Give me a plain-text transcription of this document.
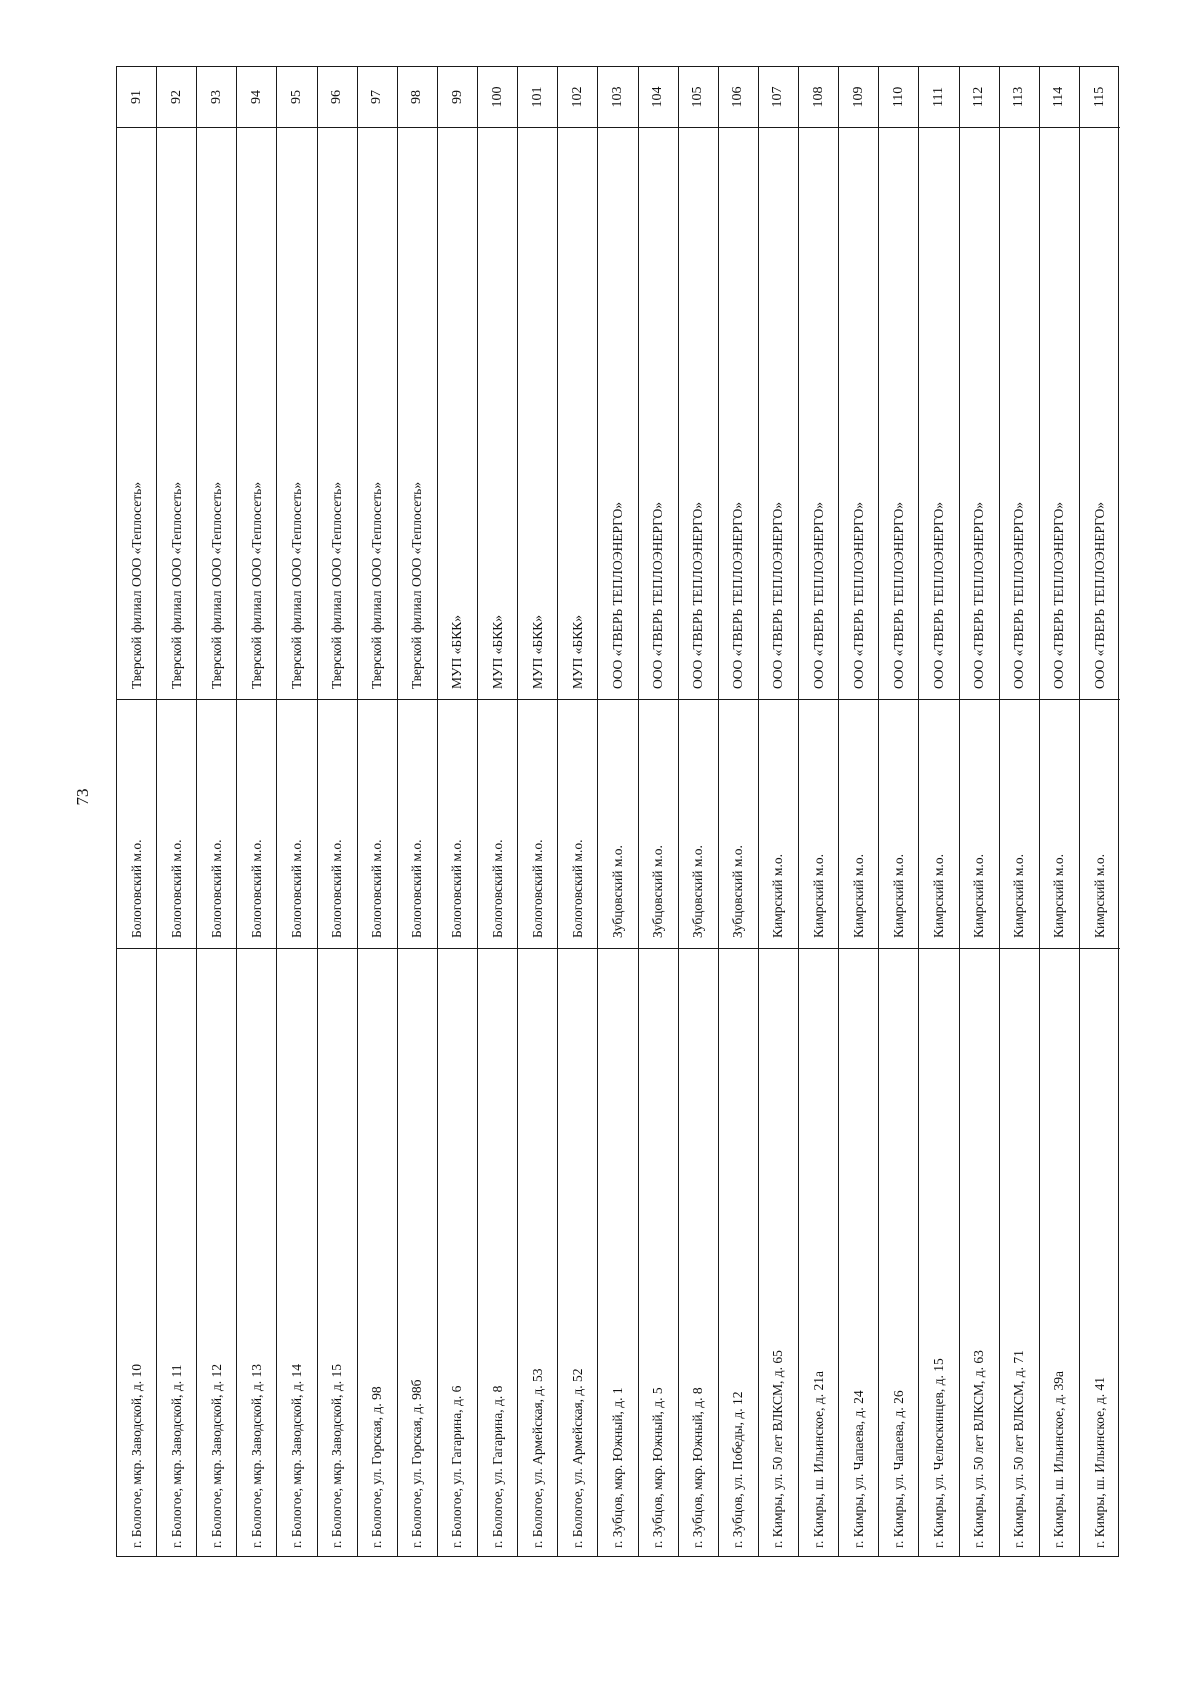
73
91
Тверской филиал ООО «Теплосеть»
Бологовский м.о.
г. Бологое, мкр. Заводской, д. 10
92
Тверской филиал ООО «Теплосеть»
Бологовский м.о.
г. Бологое, мкр. Заводской, д. 11
93
Тверской филиал ООО «Теплосеть»
Бологовский м.о.
г. Бологое, мкр. Заводской, д. 12
94
Тверской филиал ООО «Теплосеть»
Бологовский м.о.
г. Бологое, мкр. Заводской, д. 13
95
Тверской филиал ООО «Теплосеть»
Бологовский м.о.
г. Бологое, мкр. Заводской, д. 14
96
Тверской филиал ООО «Теплосеть»
Бологовский м.о.
г. Бологое, мкр. Заводской, д. 15
97
Тверской филиал ООО «Теплосеть»
Бологовский м.о.
г. Бологое, ул. Горская, д. 98
98
Тверской филиал ООО «Теплосеть»
Бологовский м.о.
г. Бологое, ул. Горская, д. 98б
99
МУП «БКК»
Бологовский м.о.
г. Бологое, ул. Гагарина, д. 6
100
МУП «БКК»
Бологовский м.о.
г. Бологое, ул. Гагарина, д. 8
101
МУП «БКК»
Бологовский м.о.
г. Бологое, ул. Армейская, д. 53
102
МУП «БКК»
Бологовский м.о.
г. Бологое, ул. Армейская, д. 52
103
ООО «ТВЕРЬ ТЕПЛОЭНЕРГО»
Зубцовский м.о.
г. Зубцов, мкр. Южный, д. 1
104
ООО «ТВЕРЬ ТЕПЛОЭНЕРГО»
Зубцовский м.о.
г. Зубцов, мкр. Южный, д. 5
105
ООО «ТВЕРЬ ТЕПЛОЭНЕРГО»
Зубцовский м.о.
г. Зубцов, мкр. Южный, д. 8
106
ООО «ТВЕРЬ ТЕПЛОЭНЕРГО»
Зубцовский м.о.
г. Зубцов, ул. Победы, д. 12
107
ООО «ТВЕРЬ ТЕПЛОЭНЕРГО»
Кимрский м.о.
г. Кимры, ул. 50 лет ВЛКСМ, д. 65
108
ООО «ТВЕРЬ ТЕПЛОЭНЕРГО»
Кимрский м.о.
г. Кимры, ш. Ильинское, д. 21а
109
ООО «ТВЕРЬ ТЕПЛОЭНЕРГО»
Кимрский м.о.
г. Кимры, ул. Чапаева, д. 24
110
ООО «ТВЕРЬ ТЕПЛОЭНЕРГО»
Кимрский м.о.
г. Кимры, ул. Чапаева, д. 26
111
ООО «ТВЕРЬ ТЕПЛОЭНЕРГО»
Кимрский м.о.
г. Кимры, ул. Челюскинцев, д. 15
112
ООО «ТВЕРЬ ТЕПЛОЭНЕРГО»
Кимрский м.о.
г. Кимры, ул. 50 лет ВЛКСМ, д. 63
113
ООО «ТВЕРЬ ТЕПЛОЭНЕРГО»
Кимрский м.о.
г. Кимры, ул. 50 лет ВЛКСМ, д. 71
114
ООО «ТВЕРЬ ТЕПЛОЭНЕРГО»
Кимрский м.о.
г. Кимры, ш. Ильинское, д. 39а
115
ООО «ТВЕРЬ ТЕПЛОЭНЕРГО»
Кимрский м.о.
г. Кимры, ш. Ильинское, д. 41
